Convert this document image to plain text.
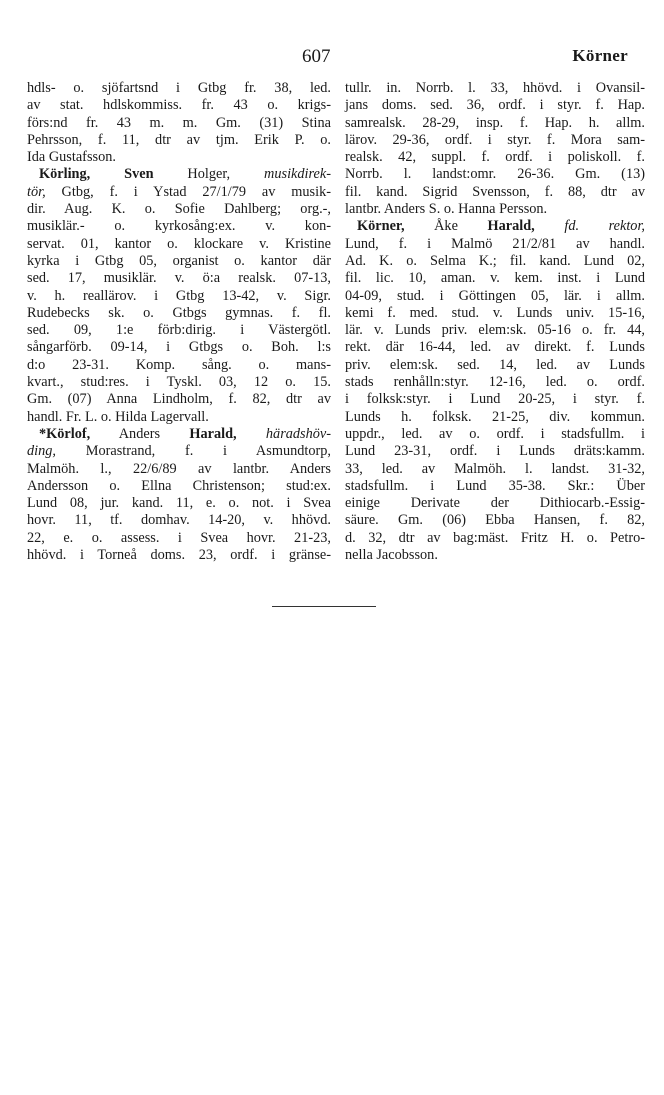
607	Körner
hdls- o. sjöfartsnd i Gtbg fr. 38, led.
av stat. hdlskommiss. fr. 43 o. krigs-
förs:nd fr. 43 m. m. Gm. (31) Stina
Pehrsson, f. 11, dtr av tjm. Erik P. o.
Ida Gustafsson.
Körling, Sven Holger, musikdirek-
tör, Gtbg, f. i Ystad 27/1/79 av musik-
dir. Aug. K. o. Sofie Dahlberg; org.-,
musiklär.- o. kyrkosång:ex. v. kon-
servat. 01, kantor o. klockare v. Kristine
kyrka i Gtbg 05, organist o. kantor där
sed. 17, musiklär. v. ö:a realsk. 07-13,
v. h. reallärov. i Gtbg 13-42, v. Sigr.
Rudebecks sk. o. Gtbgs gymnas. f. fl.
sed. 09, 1:e förb:dirig. i Västergötl.
sångarförb. 09-14, i Gtbgs o. Boh. l:s
d:o 23-31. Komp. sång. o. mans-
kvart., stud:res. i Tyskl. 03, 12 o. 15.
Gm. (07) Anna Lindholm, f. 82, dtr av
handl. Fr. L. o. Hilda Lagervall.
*Körlof, Anders Harald, häradshöv-
ding, Morastrand, f. i Asmundtorp,
Malmöh. l., 22/6/89 av lantbr. Anders
Andersson o. Ellna Christenson; stud:ex.
Lund 08, jur. kand. 11, e. o. not. i Svea
hovr. 11, tf. domhav. 14-20, v. hhövd.
22, e. o. assess. i Svea hovr. 21-23,
hhövd. i Torneå doms. 23, ordf. i gränse-
tullr. in. Norrb. l. 33, hhövd. i Ovansil-
jans doms. sed. 36, ordf. i styr. f. Hap.
samrealsk. 28-29, insp. f. Hap. h. allm.
lärov. 29-36, ordf. i styr. f. Mora sam-
realsk. 42, suppl. f. ordf. i poliskoll. f.
Norrb. l. landst:omr. 26-36. Gm. (13)
fil. kand. Sigrid Svensson, f. 88, dtr av
lantbr. Anders S. o. Hanna Persson.
Körner, Åke Harald, fd. rektor,
Lund, f. i Malmö 21/2/81 av handl.
Ad. K. o. Selma K.; fil. kand. Lund 02,
fil. lic. 10, aman. v. kem. inst. i Lund
04-09, stud. i Göttingen 05, lär. i allm.
kemi f. med. stud. v. Lunds univ. 15-16,
lär. v. Lunds priv. elem:sk. 05-16 o. fr. 44,
rekt. där 16-44, led. av direkt. f. Lunds
priv. elem:sk. sed. 14, led. av Lunds
stads renhålln:styr. 12-16, led. o. ordf.
i folksk:styr. i Lund 20-25, i styr. f.
Lunds h. folksk. 21-25, div. kommun.
uppdr., led. av o. ordf. i stadsfullm. i
Lund 23-31, ordf. i Lunds dräts:kamm.
33, led. av Malmöh. l. landst. 31-32,
stadsfullm. i Lund 35-38. Skr.: Über
einige Derivate der Dithiocarb.-Essig-
säure. Gm. (06) Ebba Hansen, f. 82,
d. 32, dtr av bag:mäst. Fritz H. o. Petro-
nella Jacobsson.
